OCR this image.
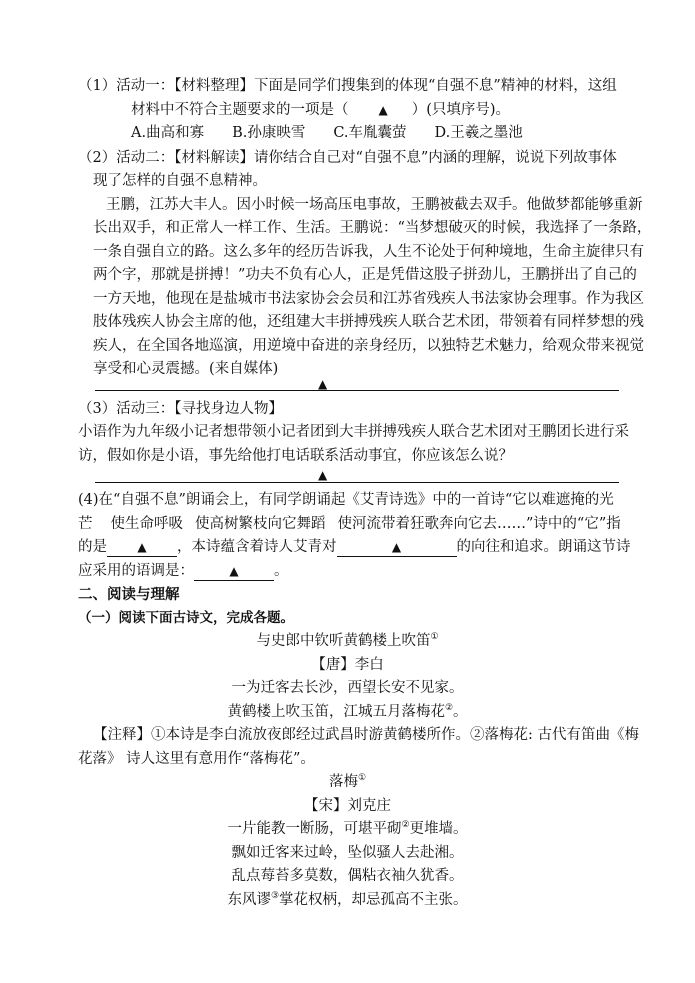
（1）活动一：【材料整理】下面是同学们搜集到的体现“自强不息”精神的材料，这组
材料中不符合主题要求的一项是（	▲ ）(只填序号)。
A.曲高和寡 B.孙康映雪 C.车胤囊萤 D.王羲之墨池
（2）活动二：【材料解读】请你结合自己对“自强不息”内涵的理解，说说下列故事体
现了怎样的自强不息精神。
王鹏，江苏大丰人。因小时候一场高压电事故，王鹏被截去双手。他做梦都能够重新
长出双手，和正常人一样工作、生活。王鹏说：“当梦想破灭的时候，我选择了一条路，
一条自强自立的路。这么多年的经历告诉我，人生不论处于何种境地，生命主旋律只有
两个字，那就是拼搏！”功夫不负有心人，正是凭借这股子拼劲儿，王鹏拼出了自己的
一方天地，他现在是盐城市书法家协会会员和江苏省残疾人书法家协会理事。作为我区
肢体残疾人协会主席的他，还组建大丰拼搏残疾人联合艺术团，带领着有同样梦想的残
疾人，在全国各地巡演，用逆境中奋进的亲身经历，以独特艺术魅力，给观众带来视觉
享受和心灵震撼。(来自媒体)
▲
（3）活动三：【寻找身边人物】
小语作为九年级小记者想带领小记者团到大丰拼搏残疾人联合艺术团对王鹏团长进行采
访，假如你是小语，事先给他打电话联系活动事宜，你应该怎么说？
▲
(4)在“自强不息”朗诵会上，有同学朗诵起《艾青诗选》中的一首诗“它以难遮掩的光
芒 使生命呼吸 使高树繁枝向它舞蹈 使河流带着狂歌奔向它去……”诗中的“它”指
的是	▲ ，本诗蕴含着诗人艾青对	▲	的向往和追求。朗诵这节诗
应采用的语调是：	▲ 。
二、阅读与理解
（一）阅读下面古诗文，完成各题。
与史郎中钦听黄鹤楼上吹笛①
【唐】李白
一为迁客去长沙，西望长安不见家。
黄鹤楼上吹玉笛，江城五月落梅花②。
【注释】①本诗是李白流放夜郎经过武昌时游黄鹤楼所作。②落梅花: 古代有笛曲《梅
花落》 诗人这里有意用作“落梅花”。
落梅①
【宋】刘克庄
一片能教一断肠，可堪平砌②更堆墙。
飘如迁客来过岭，坠似骚人去赴湘。
乱点莓苔多莫数，偶粘衣袖久犹香。
东风谬③掌花权柄，却忌孤高不主张。
